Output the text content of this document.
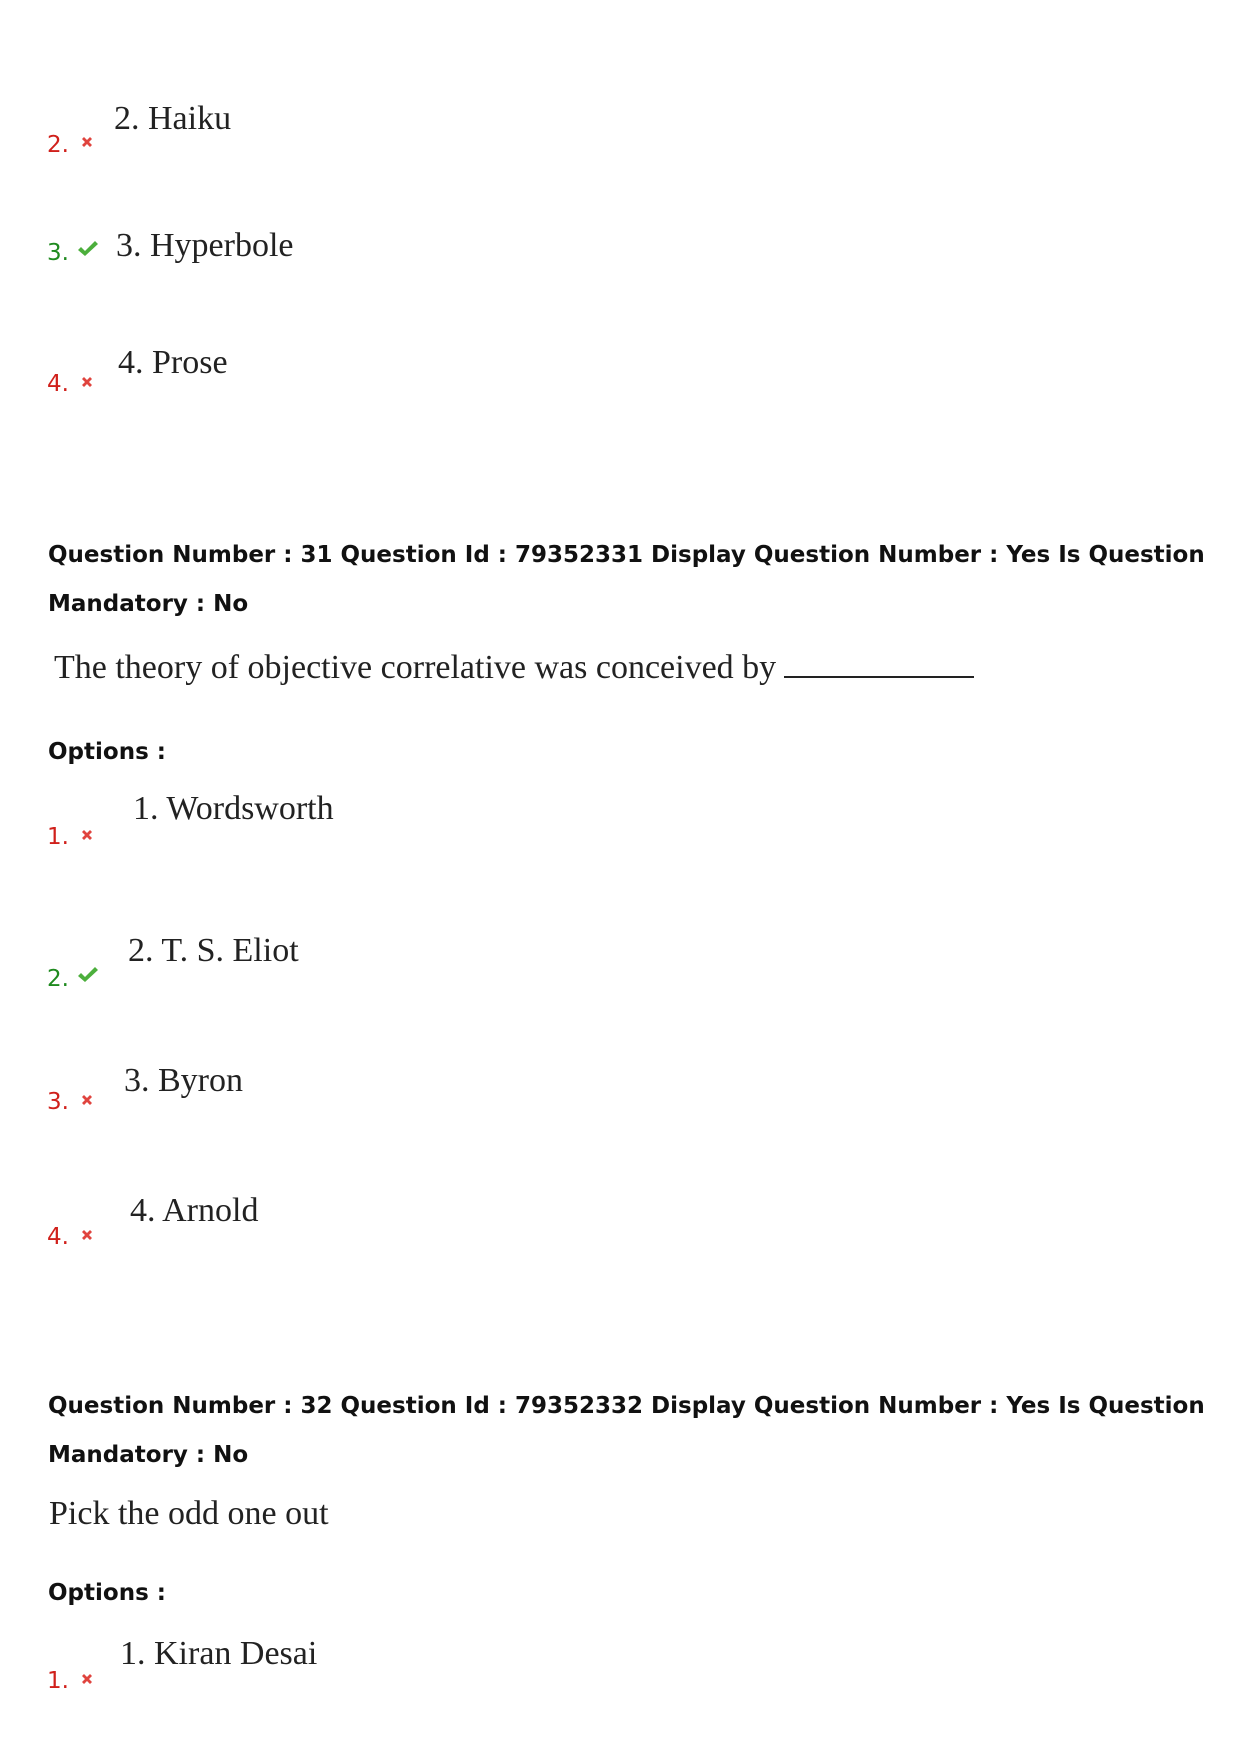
2.
2. Haiku
3. 3. Hyperbole
4.
4. Prose
Question Number : 31 Question Id : 79352331 Display Question Number : Yes Is Question Mandatory : No
The theory of objective correlative was conceived by
Options :
1.
1. Wordsworth
2.
2. T. S. Eliot
3.
3. Byron
4.
4. Arnold
Question Number : 32 Question Id : 79352332 Display Question Number : Yes Is Question Mandatory : No
Pick the odd one out
Options :
1.
1. Kiran Desai
